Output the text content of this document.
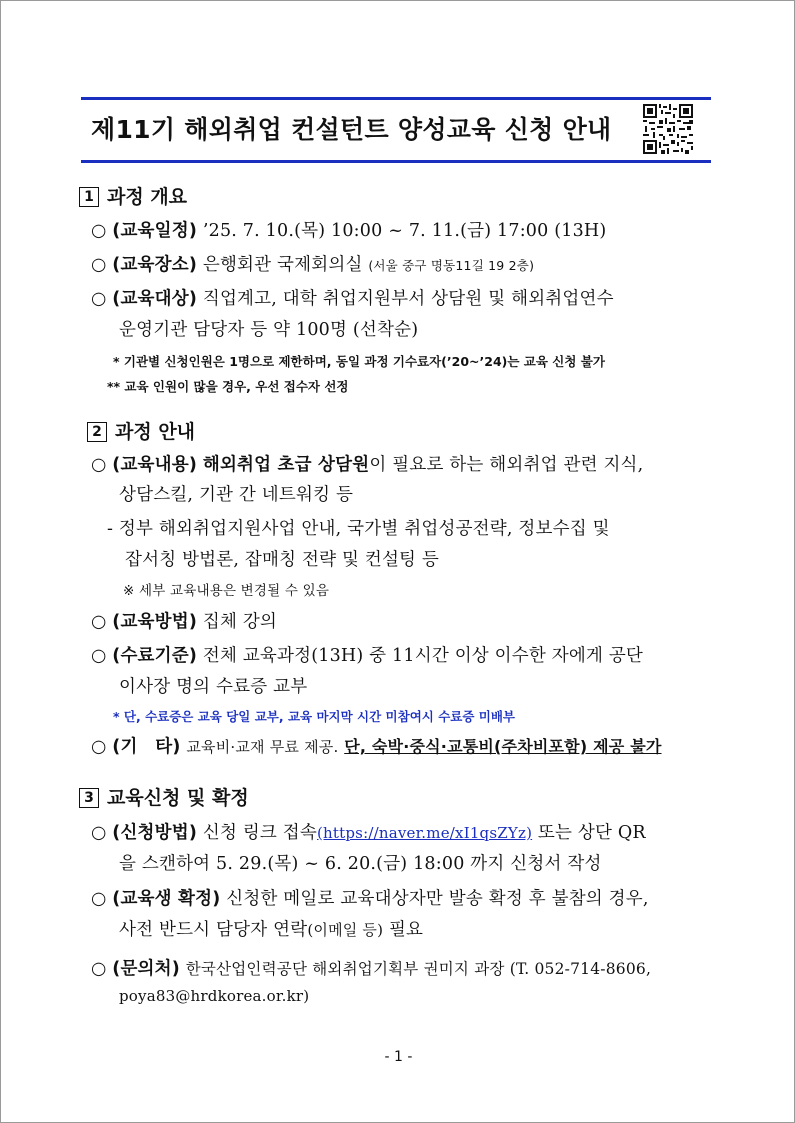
제11기 해외취업 컨설턴트 양성교육 신청 안내
1 과정 개요
○ (교육일정) ’25. 7. 10.(목) 10:00 ~ 7. 11.(금) 17:00 (13H)
○ (교육장소) 은행회관 국제회의실 (서울 중구 명동11길 19 2층)
○ (교육대상) 직업계고, 대학 취업지원부서 상담원 및 해외취업연수
운영기관 담당자 등 약 100명 (선착순)
* 기관별 신청인원은 1명으로 제한하며, 동일 과정 기수료자(’20~’24)는 교육 신청 불가
** 교육 인원이 많을 경우, 우선 접수자 선정
2 과정 안내
○ (교육내용) 해외취업 초급 상담원이 필요로 하는 해외취업 관련 지식,
상담스킬, 기관 간 네트워킹 등
- 정부 해외취업지원사업 안내, 국가별 취업성공전략, 정보수집 및
잡서칭 방법론, 잡매칭 전략 및 컨설팅 등
※ 세부 교육내용은 변경될 수 있음
○ (교육방법) 집체 강의
○ (수료기준) 전체 교육과정(13H) 중 11시간 이상 이수한 자에게 공단
이사장 명의 수료증 교부
* 단, 수료증은 교육 당일 교부, 교육 마지막 시간 미참여시 수료증 미배부
○ (기　타) 교육비·교재 무료 제공. 단, 숙박·중식·교통비(주차비포함) 제공 불가
3 교육신청 및 확정
○ (신청방법) 신청 링크 접속(https://naver.me/xI1qsZYz) 또는 상단 QR
을 스캔하여 5. 29.(목) ~ 6. 20.(금) 18:00 까지 신청서 작성
○ (교육생 확정) 신청한 메일로 교육대상자만 발송 확정 후 불참의 경우,
사전 반드시 담당자 연락(이메일 등) 필요
○ (문의처) 한국산업인력공단 해외취업기획부 권미지 과장 (T. 052-714-8606,
poya83@hrdkorea.or.kr)
- 1 -
